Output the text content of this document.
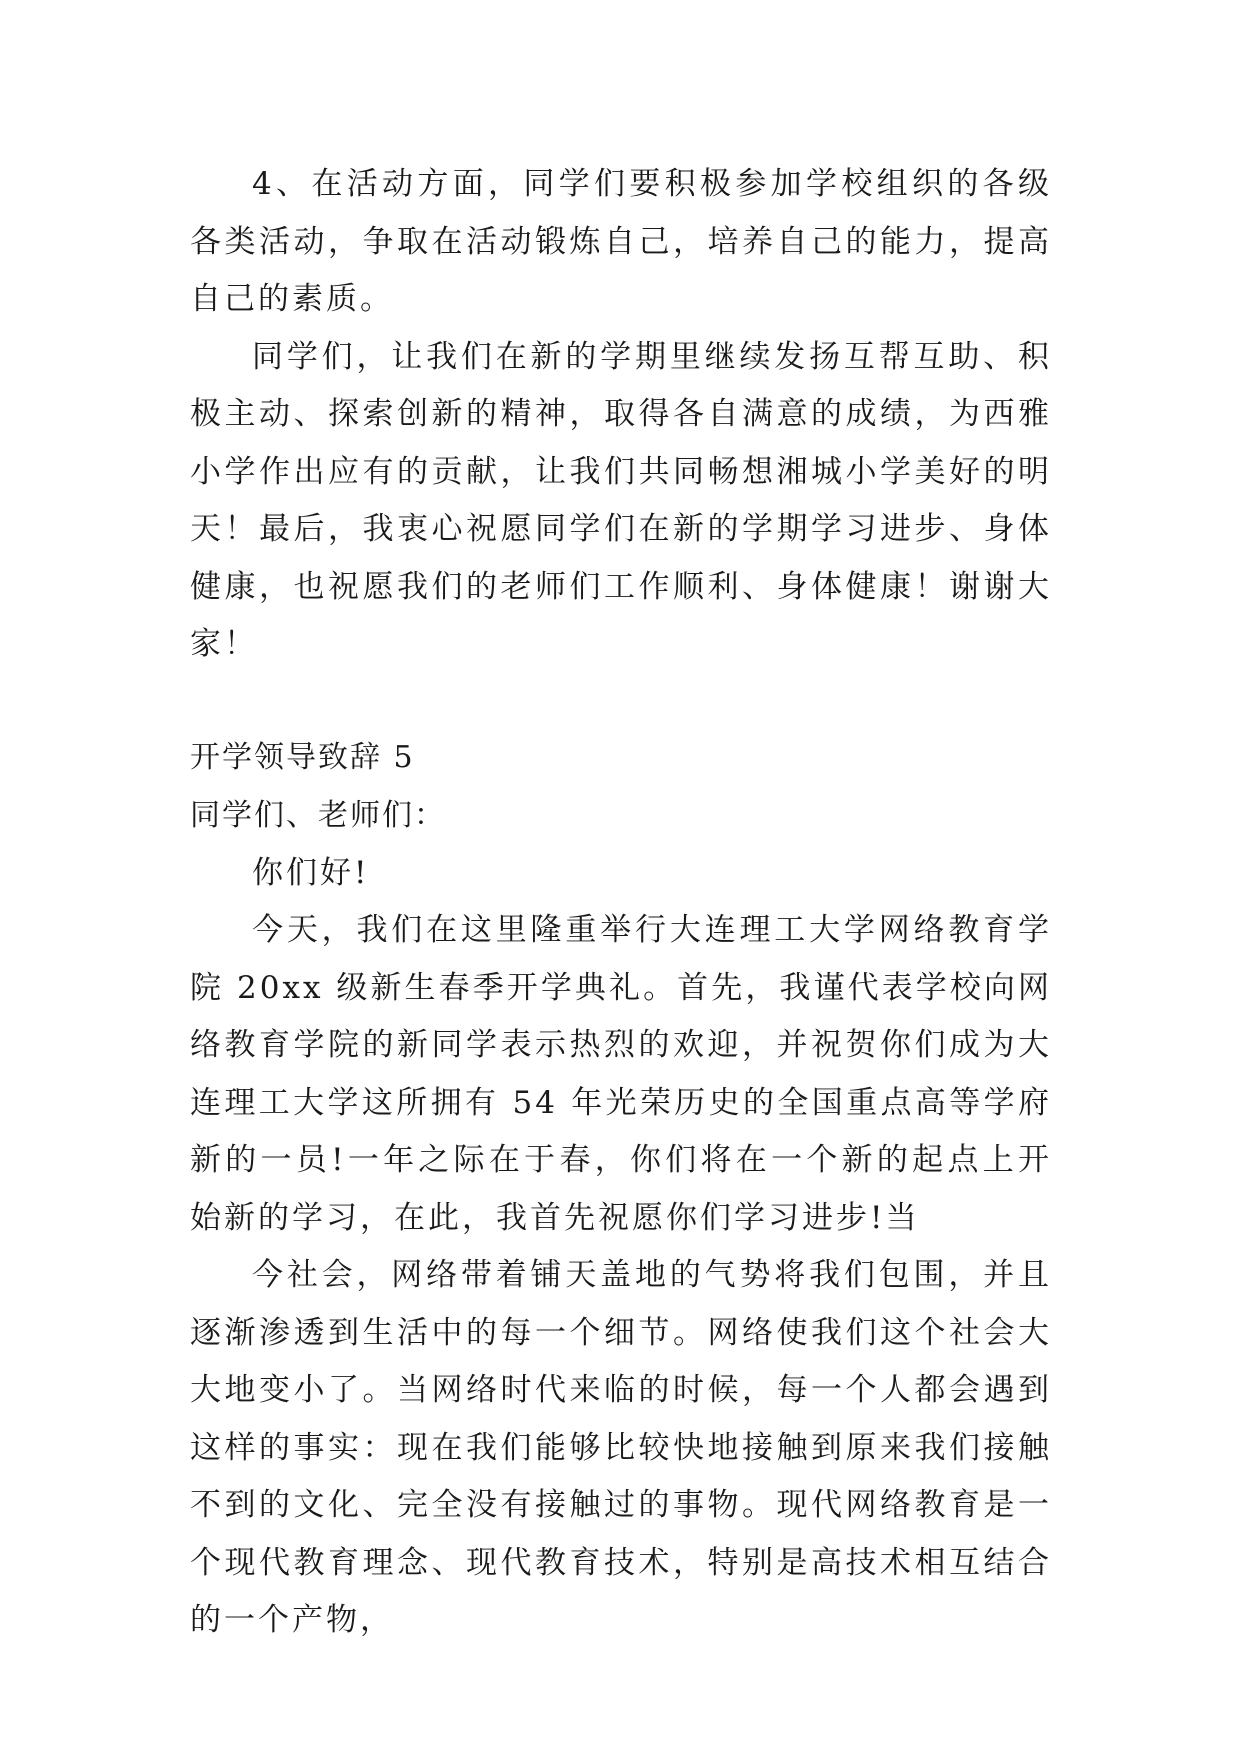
4、在活动方面，同学们要积极参加学校组织的各级各类活动，争取在活动锻炼自己，培养自己的能力，提高自己的素质。

同学们，让我们在新的学期里继续发扬互帮互助、积极主动、探索创新的精神，取得各自满意的成绩，为西雅小学作出应有的贡献，让我们共同畅想湘城小学美好的明天！最后，我衷心祝愿同学们在新的学期学习进步、身体健康，也祝愿我们的老师们工作顺利、身体健康！谢谢大家！

开学领导致辞 5

同学们、老师们：

你们好!

今天，我们在这里隆重举行大连理工大学网络教育学院 20xx 级新生春季开学典礼。首先，我谨代表学校向网络教育学院的新同学表示热烈的欢迎，并祝贺你们成为大连理工大学这所拥有 54 年光荣历史的全国重点高等学府新的一员!一年之际在于春，你们将在一个新的起点上开始新的学习，在此，我首先祝愿你们学习进步!当

今社会，网络带着铺天盖地的气势将我们包围，并且逐渐渗透到生活中的每一个细节。网络使我们这个社会大大地变小了。当网络时代来临的时候，每一个人都会遇到这样的事实：现在我们能够比较快地接触到原来我们接触不到的文化、完全没有接触过的事物。现代网络教育是一个现代教育理念、现代教育技术，特别是高技术相互结合的一个产物，
